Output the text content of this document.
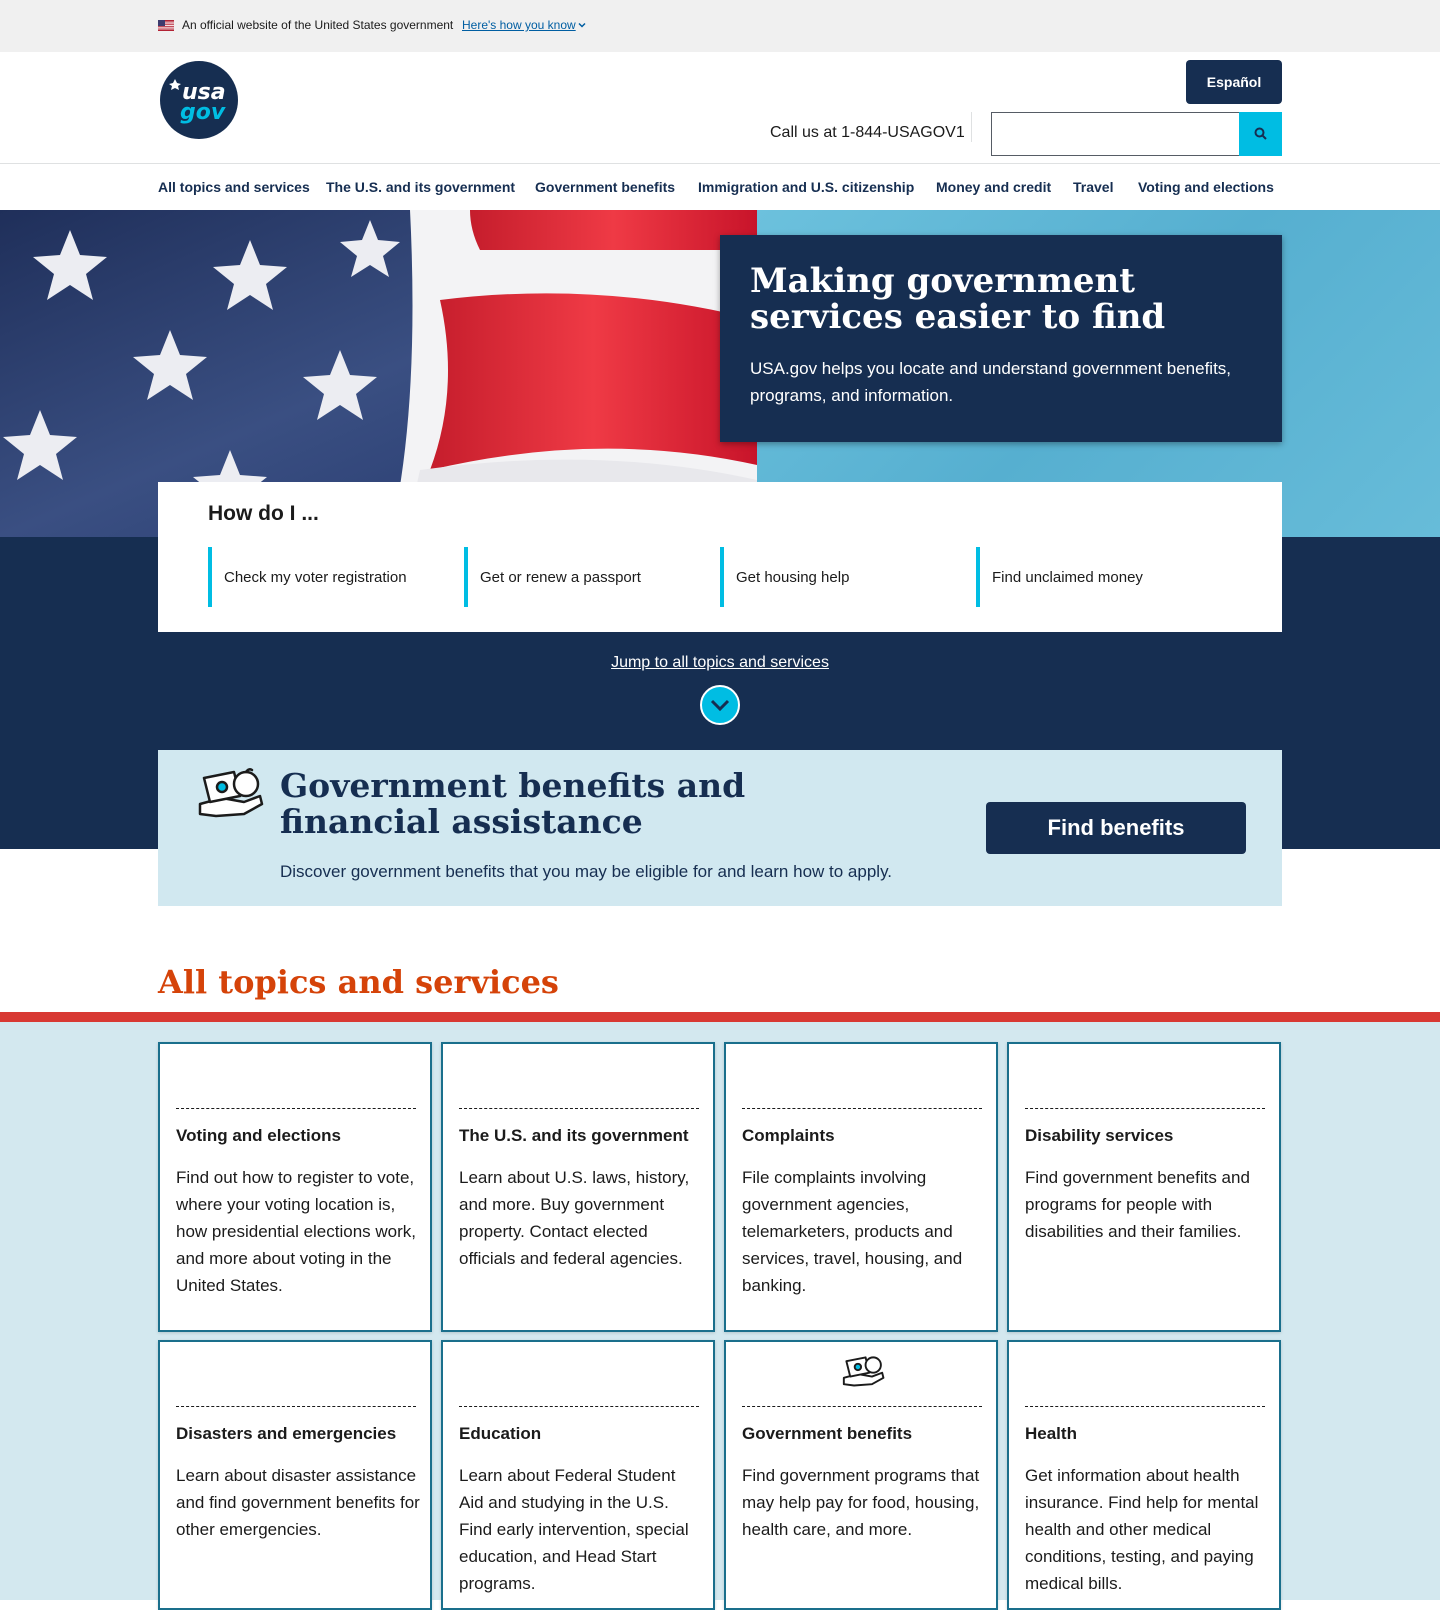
An official website of the United States government Here's how you know
usa
gov
Español
Call us at 1-844-USAGOV1
All topics and services The U.S. and its government Government benefits Immigration and U.S. citizenship Money and credit Travel Voting and elections
Making government services easier to find
USA.gov helps you locate and understand government benefits, programs, and information.
How do I ...
Check my voter registration	Get or renew a passport	Get housing help	Find unclaimed money
Jump to all topics and services
Government benefits and financial assistance
Discover government benefits that you may be eligible for and learn how to apply.
Find benefits
All topics and services
Voting and elections
Find out how to register to vote, where your voting location is, how presidential elections work, and more about voting in the United States.
The U.S. and its government
Learn about U.S. laws, history, and more. Buy government property. Contact elected officials and federal agencies.
Complaints
File complaints involving government agencies, telemarketers, products and services, travel, housing, and banking.
Disability services
Find government benefits and programs for people with disabilities and their families.
Disasters and emergencies
Learn about disaster assistance and find government benefits for other emergencies.
Education
Learn about Federal Student Aid and studying in the U.S. Find early intervention, special education, and Head Start programs.
Government benefits
Find government programs that may help pay for food, housing, health care, and more.
Health
Get information about health insurance. Find help for mental health and other medical conditions, testing, and paying medical bills.
